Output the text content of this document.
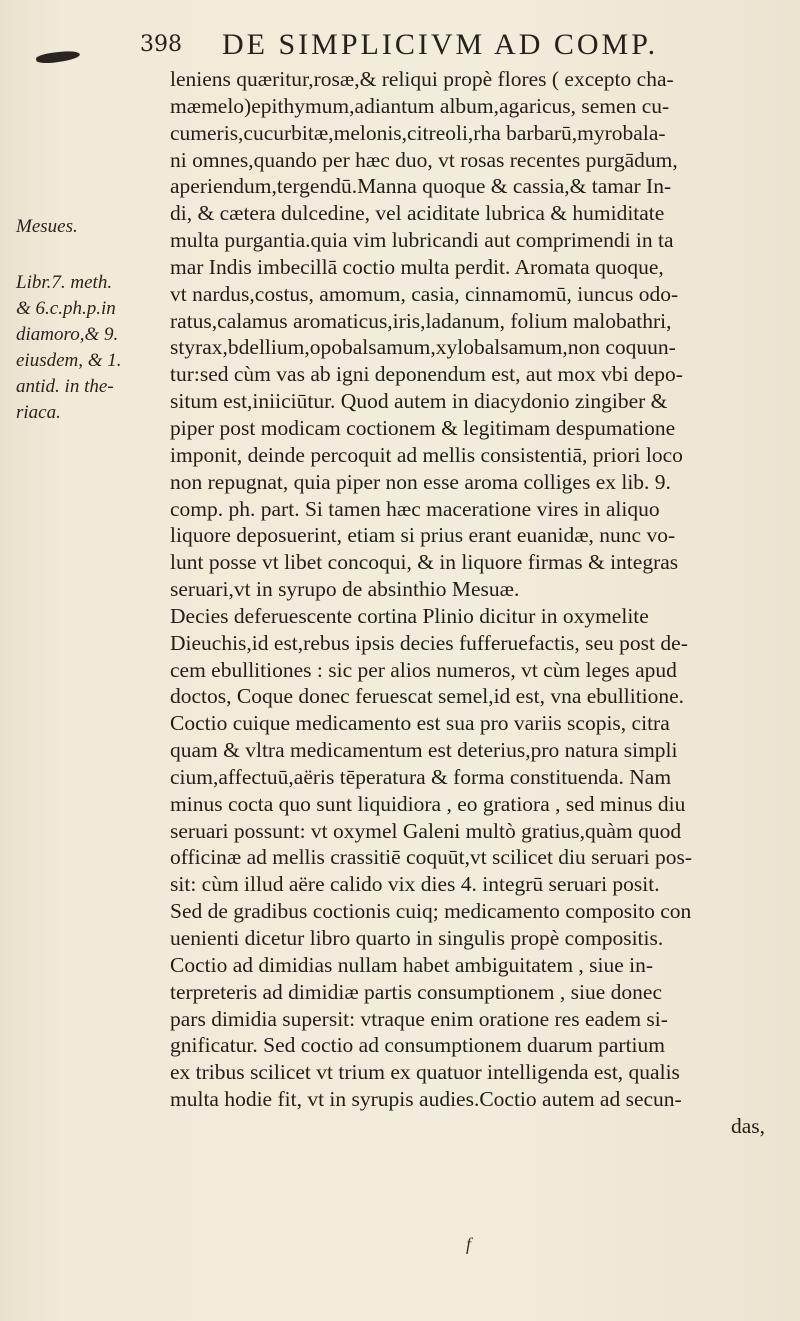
398 DE SIMPLICIVM AD COMP.
Mesues.
Libr.7. meth.
& 6.c.ph.p.in
diamoro,& 9.
eiusdem, & 1.
antid. in the-
riaca.
leniens quæritur,rosæ,& reliqui propè flores ( excepto cha-
mæmelo)epithymum,adiantum album,agaricus, semen cu-
cumeris,cucurbitæ,melonis,citreoli,rha barbarū,myrobala-
ni omnes,quando per hæc duo, vt rosas recentes purgādum,
aperiendum,tergendū.Manna quoque & cassia,& tamar In-
di, & cætera dulcedine, vel aciditate lubrica & humiditate
multa purgantia.quia vim lubricandi aut comprimendi in ta
mar Indis imbecillā coctio multa perdit. Aromata quoque,
vt nardus,costus, amomum, casia, cinnamomū, iuncus odo-
ratus,calamus aromaticus,iris,ladanum, folium malobathri,
styrax,bdellium,opobalsamum,xylobalsamum,non coquun-
tur:sed cùm vas ab igni deponendum est, aut mox vbi depo-
situm est,iniiciūtur. Quod autem in diacydonio zingiber &
piper post modicam coctionem & legitimam despumatione
imponit, deinde percoquit ad mellis consistentiā, priori loco
non repugnat, quia piper non esse aroma colliges ex lib. 9.
comp. ph. part. Si tamen hæc maceratione vires in aliquo
liquore deposuerint, etiam si prius erant euanidæ, nunc vo-
lunt posse vt libet concoqui, & in liquore firmas & integras
seruari,vt in syrupo de absinthio Mesuæ.
Decies deferuescente cortina Plinio dicitur in oxymelite
Dieuchis,id est,rebus ipsis decies fufferuefactis, seu post de-
cem ebullitiones : sic per alios numeros, vt cùm leges apud
doctos, Coque donec feruescat semel,id est, vna ebullitione.
Coctio cuique medicamento est sua pro variis scopis, citra
quam & vltra medicamentum est deterius,pro natura simpli
cium,affectuū,aëris tēperatura & forma constituenda. Nam
minus cocta quo sunt liquidiora , eo gratiora , sed minus diu
seruari possunt: vt oxymel Galeni multò gratius,quàm quod
officinæ ad mellis crassitiē coquūt,vt scilicet diu seruari pos-
sit: cùm illud aëre calido vix dies 4. integrū seruari posit.
Sed de gradibus coctionis cuiq; medicamento composito con
uenienti dicetur libro quarto in singulis propè compositis.
Coctio ad dimidias nullam habet ambiguitatem , siue in-
terpreteris ad dimidiæ partis consumptionem , siue donec
pars dimidia supersit: vtraque enim oratione res eadem si-
gnificatur. Sed coctio ad consumptionem duarum partium
ex tribus scilicet vt trium ex quatuor intelligenda est, qualis
multa hodie fit, vt in syrupis audies.Coctio autem ad secun-
das,
f
